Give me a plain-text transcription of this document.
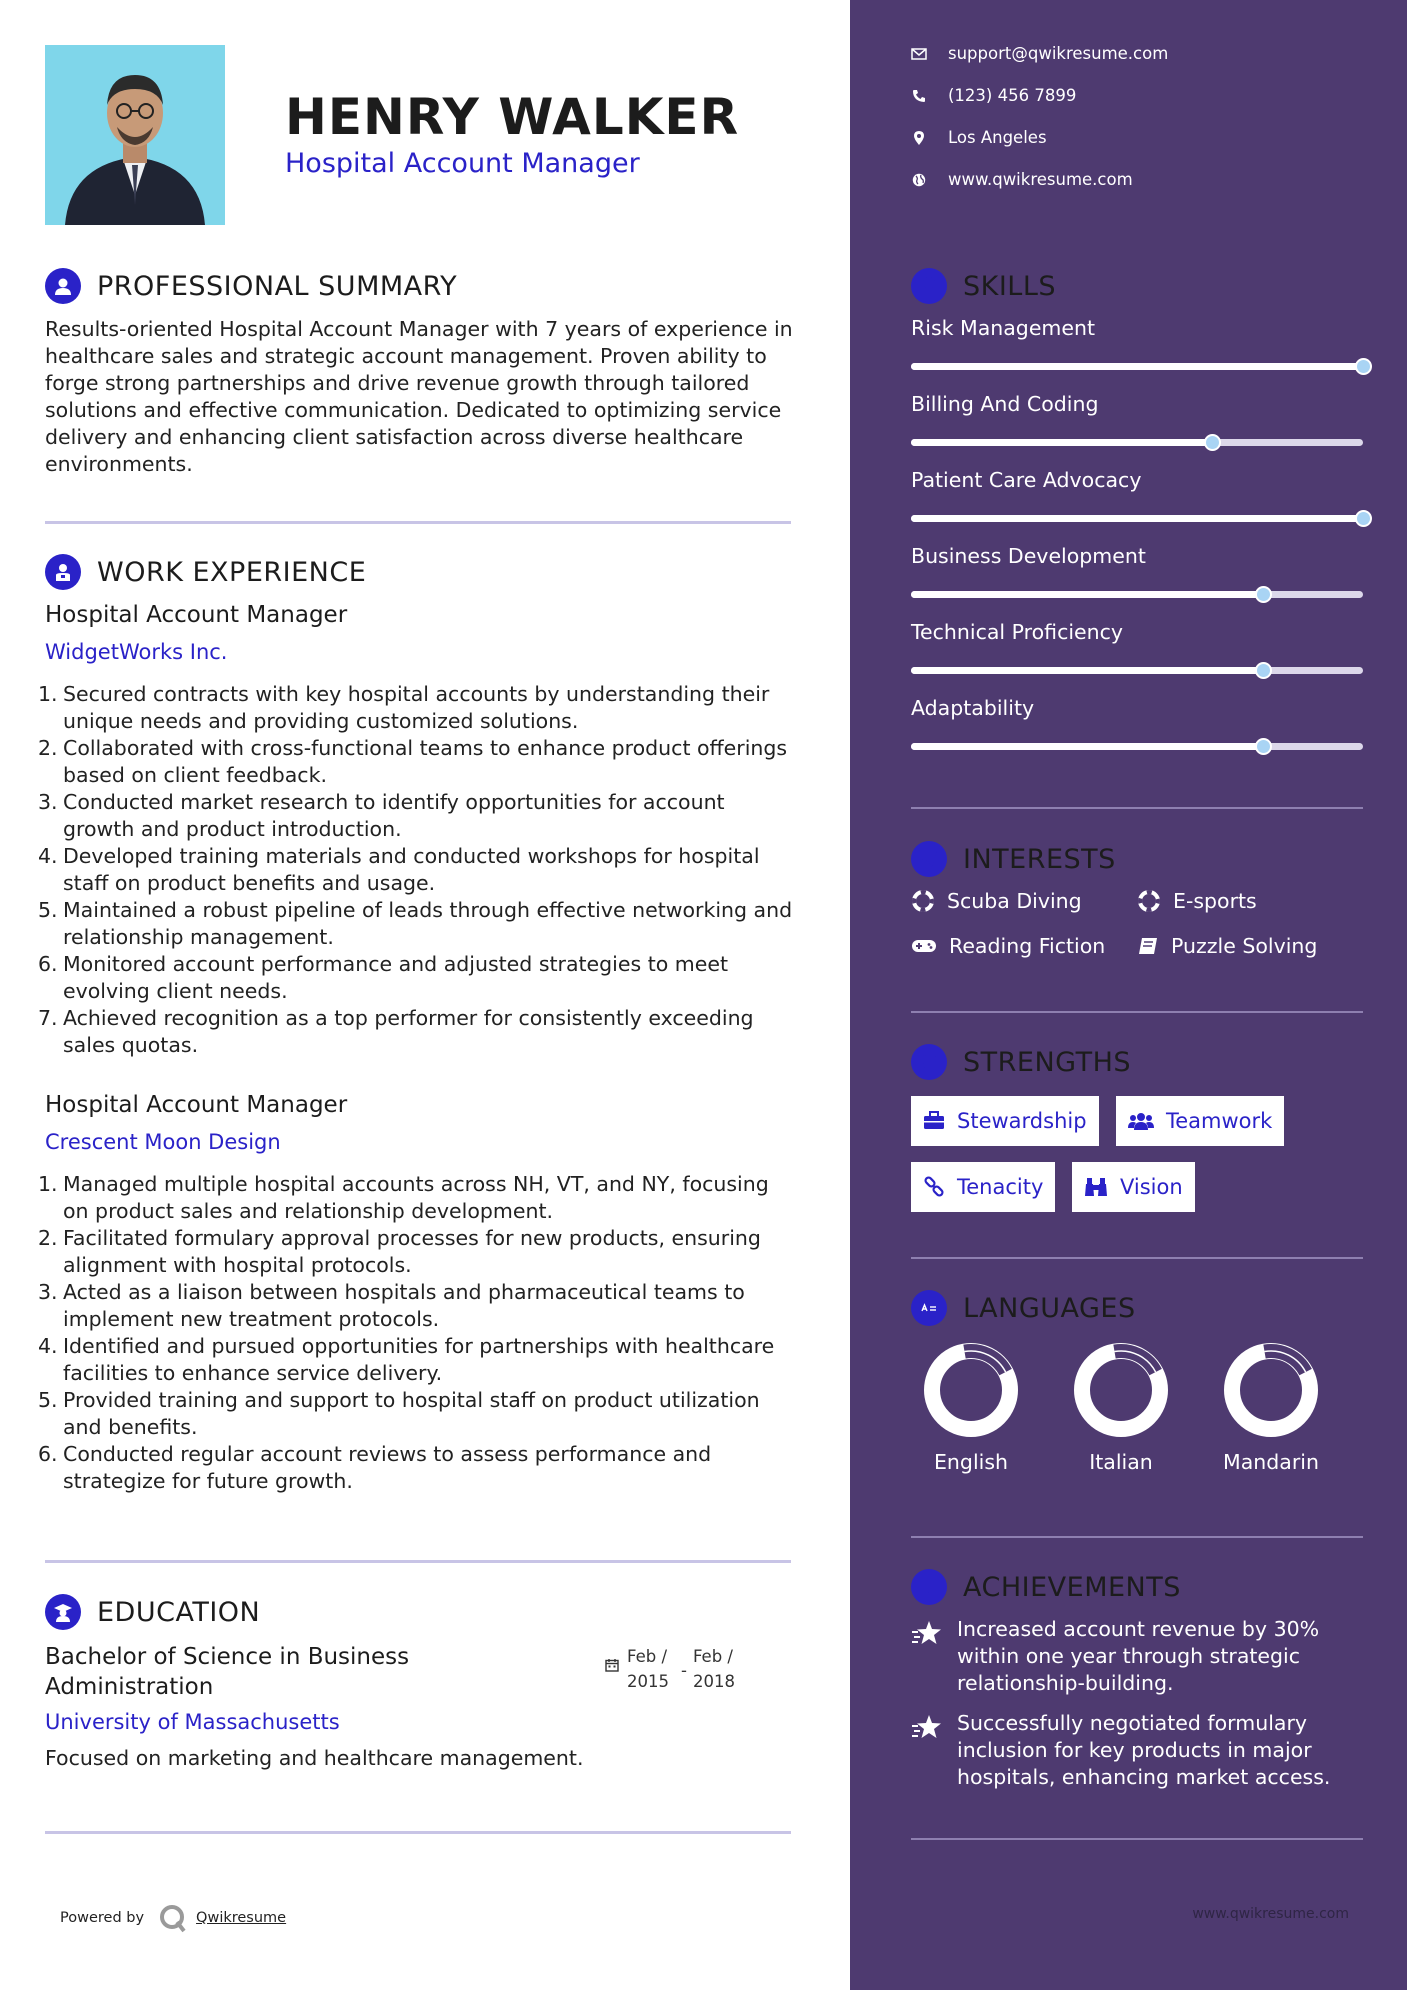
HENRY WALKER
Hospital Account Manager
PROFESSIONAL SUMMARY
Results-oriented Hospital Account Manager with 7 years of experience in healthcare sales and strategic account management. Proven ability to forge strong partnerships and drive revenue growth through tailored solutions and effective communication. Dedicated to optimizing service delivery and enhancing client satisfaction across diverse healthcare environments.
WORK EXPERIENCE
Hospital Account Manager
WidgetWorks Inc.
1. Secured contracts with key hospital accounts by understanding their unique needs and providing customized solutions.
2. Collaborated with cross-functional teams to enhance product offerings based on client feedback.
3. Conducted market research to identify opportunities for account growth and product introduction.
4. Developed training materials and conducted workshops for hospital staff on product benefits and usage.
5. Maintained a robust pipeline of leads through effective networking and relationship management.
6. Monitored account performance and adjusted strategies to meet evolving client needs.
7. Achieved recognition as a top performer for consistently exceeding sales quotas.
Hospital Account Manager
Crescent Moon Design
1. Managed multiple hospital accounts across NH, VT, and NY, focusing on product sales and relationship development.
2. Facilitated formulary approval processes for new products, ensuring alignment with hospital protocols.
3. Acted as a liaison between hospitals and pharmaceutical teams to implement new treatment protocols.
4. Identified and pursued opportunities for partnerships with healthcare facilities to enhance service delivery.
5. Provided training and support to hospital staff on product utilization and benefits.
6. Conducted regular account reviews to assess performance and strategize for future growth.
EDUCATION
Bachelor of Science in Business
Administration
Feb /
2015
-
Feb /
2018
University of Massachusetts
Focused on marketing and healthcare management.
Powered by	Qwikresume
support@qwikresume.com
(123) 456 7899
Los Angeles
www.qwikresume.com
SKILLS
Risk Management
Billing And Coding
Patient Care Advocacy
Business Development
Technical Proficiency
Adaptability
INTERESTS
Scuba Diving	E-sports
Reading Fiction	Puzzle Solving
STRENGTHS
Stewardship	Teamwork
Tenacity	Vision
LANGUAGES
English	Italian	Mandarin
ACHIEVEMENTS
Increased account revenue by 30% within one year through strategic relationship-building.
Successfully negotiated formulary inclusion for key products in major hospitals, enhancing market access.
www.qwikresume.com
